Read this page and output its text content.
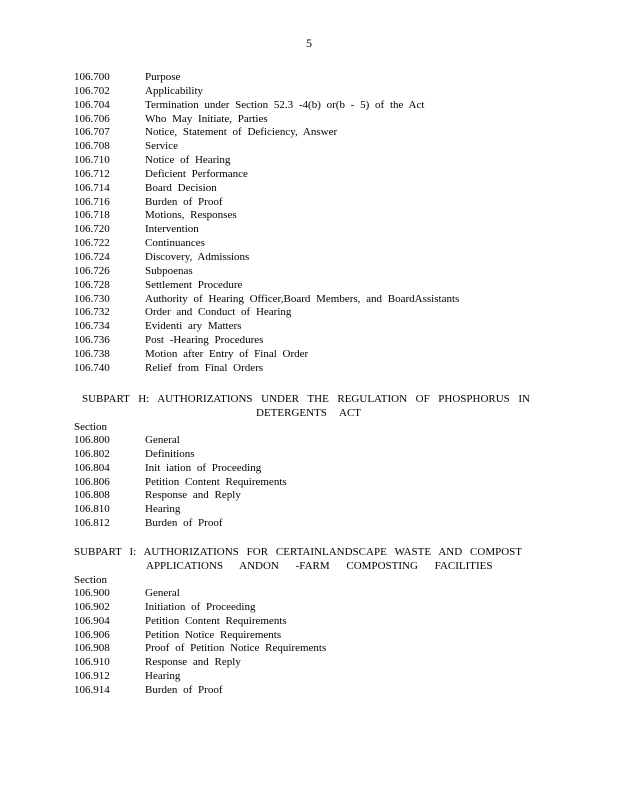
5
106.700	Purpose
106.702	Applicability
106.704	Termination under Section 52.3 -4(b) or(b - 5) of the Act
106.706	Who May Initiate, Parties
106.707	Notice, Statement of Deficiency, Answer
106.708	Service
106.710	Notice of Hearing
106.712	Deficient Performance
106.714	Board Decision
106.716	Burden of Proof
106.718	Motions, Responses
106.720	Intervention
106.722	Continuances
106.724	Discovery, Admissions
106.726	Subpoenas
106.728	Settlement Procedure
106.730	Authority of Hearing Officer,Board Members, and BoardAssistants
106.732	Order and Conduct of Hearing
106.734	Evidenti ary Matters
106.736	Post -Hearing Procedures
106.738	Motion after Entry of Final Order
106.740	Relief from Final Orders
SUBPART H: AUTHORIZATIONS UNDER THE REGULATION OF PHOSPHORUS IN
DETERGENTS ACT
Section
106.800	General
106.802	Definitions
106.804	Init iation of Proceeding
106.806	Petition Content Requirements
106.808	Response and Reply
106.810	Hearing
106.812	Burden of Proof
SUBPART I: AUTHORIZATIONS FOR CERTAINLANDSCAPE WASTE AND COMPOST
APPLICATIONS ANDON -FARM COMPOSTING FACILITIES
Section
106.900	General
106.902	Initiation of Proceeding
106.904	Petition Content Requirements
106.906	Petition Notice Requirements
106.908	Proof of Petition Notice Requirements
106.910	Response and Reply
106.912	Hearing
106.914	Burden of Proof
